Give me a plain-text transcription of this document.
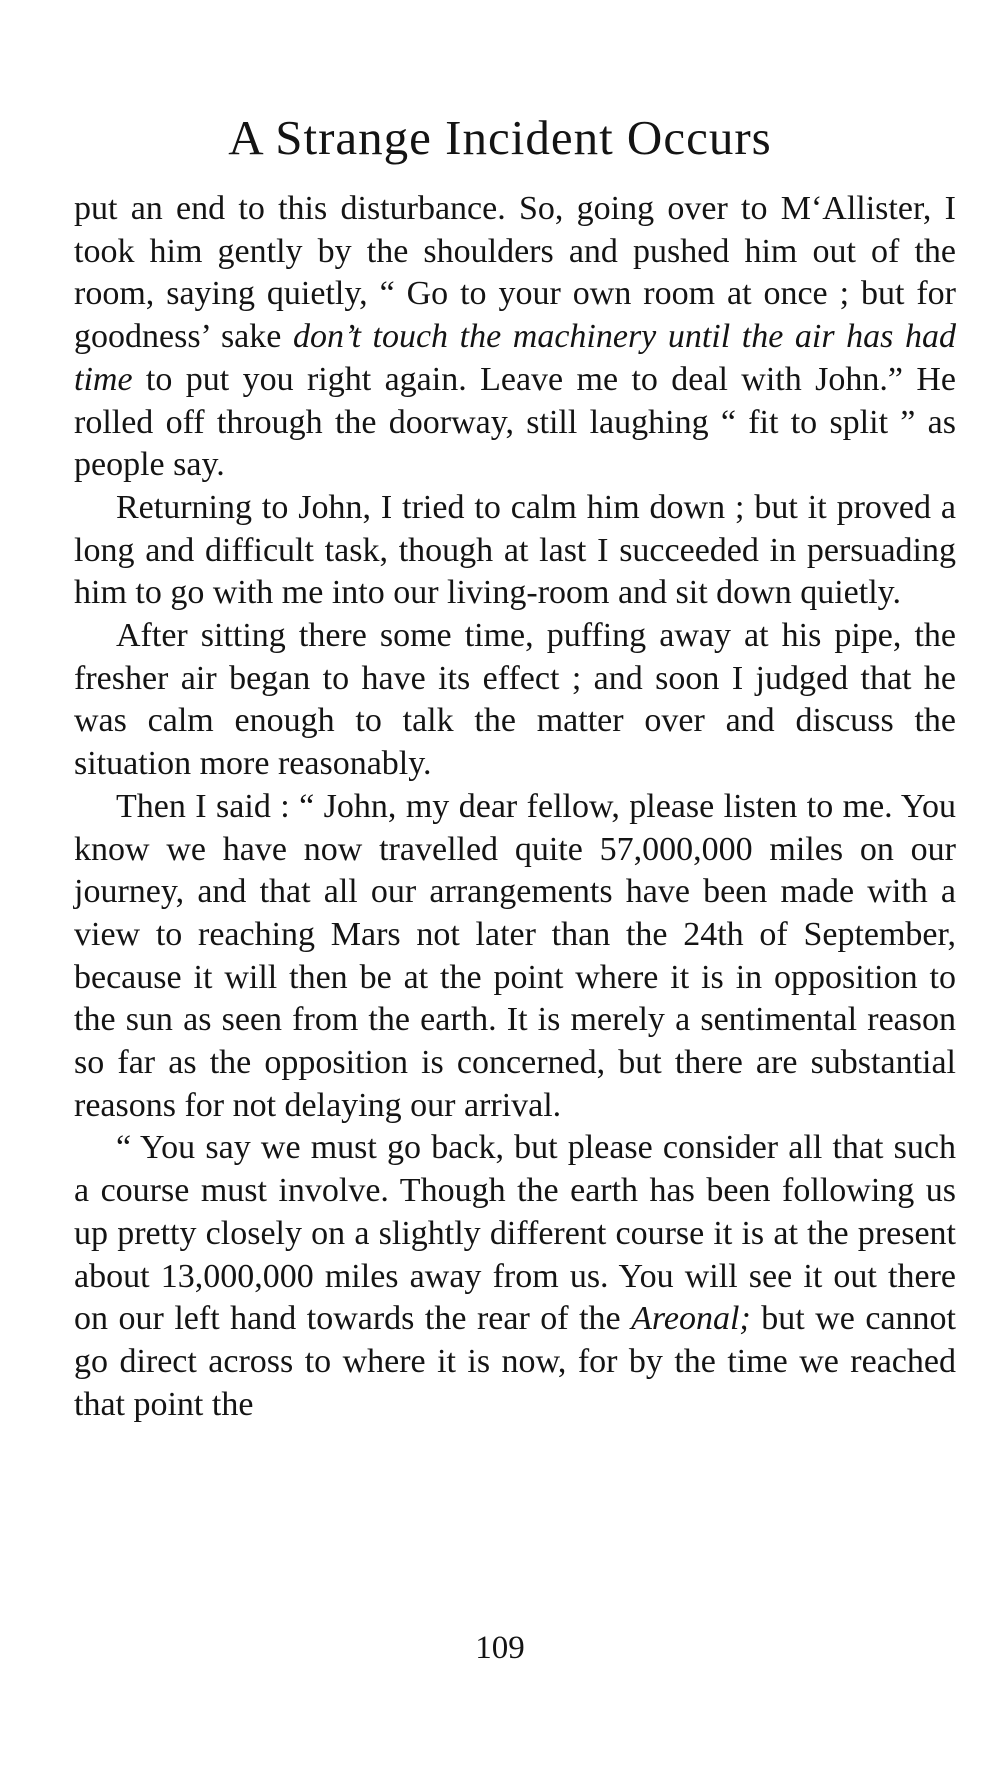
A Strange Incident Occurs

put an end to this disturbance. So, going over to M‘Allister, I took him gently by the shoulders and pushed him out of the room, saying quietly, “ Go to your own room at once ; but for goodness’ sake don’t touch the machinery until the air has had time to put you right again. Leave me to deal with John.” He rolled off through the doorway, still laughing “ fit to split ” as people say.

Returning to John, I tried to calm him down ; but it proved a long and difficult task, though at last I succeeded in persuading him to go with me into our living-room and sit down quietly.

After sitting there some time, puffing away at his pipe, the fresher air began to have its effect ; and soon I judged that he was calm enough to talk the matter over and discuss the situation more reasonably.

Then I said : “ John, my dear fellow, please listen to me. You know we have now travelled quite 57,000,000 miles on our journey, and that all our arrangements have been made with a view to reaching Mars not later than the 24th of September, because it will then be at the point where it is in opposition to the sun as seen from the earth. It is merely a sentimental reason so far as the opposition is concerned, but there are substantial reasons for not delaying our arrival.

“ You say we must go back, but please consider all that such a course must involve. Though the earth has been following us up pretty closely on a slightly different course it is at the present about 13,000,000 miles away from us. You will see it out there on our left hand towards the rear of the Areonal; but we cannot go direct across to where it is now, for by the time we reached that point the

109
